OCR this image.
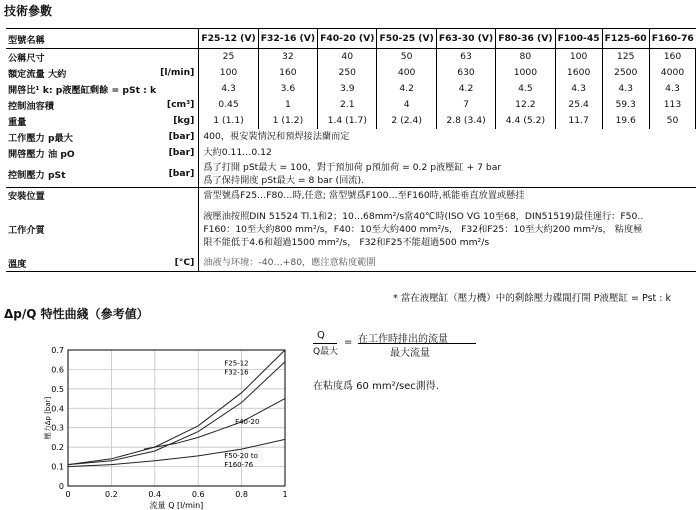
技術參數
型號名稱		F25-12 (V)	F32-16 (V)	F40-20 (V)	F50-25 (V)	F63-30 (V)	F80-36 (V)	F100-45	F125-60	F160-76
公稱尺寸		25	32	40	50	63	80	100	125	160
額定流量 大約	[l/min]	100	160	250	400	630	1000	1600	2500	4000
開啓比¹ k: p液壓缸剩餘 = pSt : k		4.3	3.6	3.9	4.2	4.2	4.5	4.3	4.3	4.3
控制油容積	[cm³]	0.45	1	2.1	4	7	12.2	25.4	59.3	113
重量	[kg]	1 (1.1)	1 (1.2)	1.4 (1.7)	2 (2.4)	2.8 (3.4)	4.4 (5.2)	11.7	19.6	50
工作壓力 p最大	[bar]	400，視安裝情況和預焊接法蘭而定								

開啓壓力 油 pO	[bar]	大約0.11…0.12								

控制壓力 pSt	[bar]	爲了打開 pSt最大 = 100，對于預加荷 p預加荷 = 0.2 p液壓缸 + 7 bar
爲了保持開度 pSt最大 = 8 bar (回流).								

安裝位置		當型號爲F25…F80…時,任意; 當型號爲F100…至F160時,衹能垂直放置或懸挂								

工作介質		液壓油按照DIN 51524 Tl.1和2；10…68mm²/s當40℃時(ISO VG 10至68，DIN51519)最佳運行：F50..
F160：10至大約800 mm²/s，F40：10至大約400 mm²/s， F32和F25：10至大約200 mm²/s， 粘度極
限不能低于4.6和超過1500 mm²/s， F32和F25不能超過500 mm²/s								

溫度	[°C]	油液与环境：-40…+80，應注意粘度範圍								
* 當在液壓缸（壓力機）中的剩餘壓力碟閥打開 P液壓缸 = Pst : k
Δp/Q 特性曲綫（參考値）
0	0.2	0.4	0.6	0.8	1
0
0.1
0.2
0.3
0.4
0.5
0.6
0.7
流量 Q [l/min]
壓力Δp [bar]
F25-12
F32-16
F40-20
F50-20 to
F160-76
Q
Q最大
= 在工作時排出的流量
最大流量
在粘度爲 60 mm²/sec測得.
